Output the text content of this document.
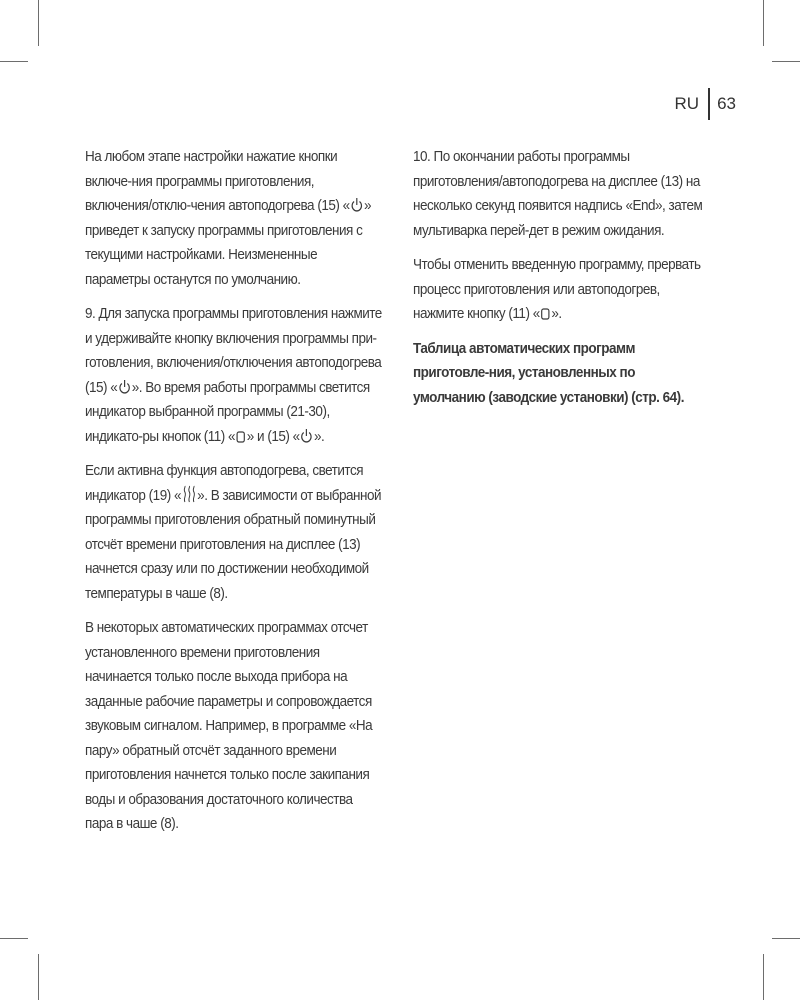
RU	63

На любом этапе настройки нажатие кнопки включе-ния программы приготовления, включения/отклю-чения автоподогрева (15) « » приведет к запуску программы приготовления с текущими настройками. Неизмененные параметры останутся по умолчанию.

9. Для запуска программы приготовления нажмите и удерживайте кнопку включения программы при-готовления, включения/отключения автоподогрева (15) « ». Во время работы программы светится индикатор выбранной программы (21-30), индикато-ры кнопок (11) « » и (15) « ».

Если активна функция автоподогрева, светится индикатор (19) « ». В зависимости от выбранной программы приготовления обратный поминутный отсчёт времени приготовления на дисплее (13) начнется сразу или по достижении необходимой температуры в чаше (8).

В некоторых автоматических программах отсчет установленного времени приготовления начинается только после выхода прибора на заданные рабочие параметры и сопровождается звуковым сигналом. Например, в программе «На пару» обратный отсчёт заданного времени приготовления начнется только после закипания воды и образования достаточного количества пара в чаше (8).

10. По окончании работы программы приготовления/автоподогрева на дисплее (13) на несколько секунд появится надпись «End», затем мультиварка перей-дет в режим ожидания.

Чтобы отменить введенную программу, прервать процесс приготовления или автоподогрев, нажмите кнопку (11) « ».

Таблица автоматических программ приготовле-ния, установленных по умолчанию (заводские установки) (стр. 64).
